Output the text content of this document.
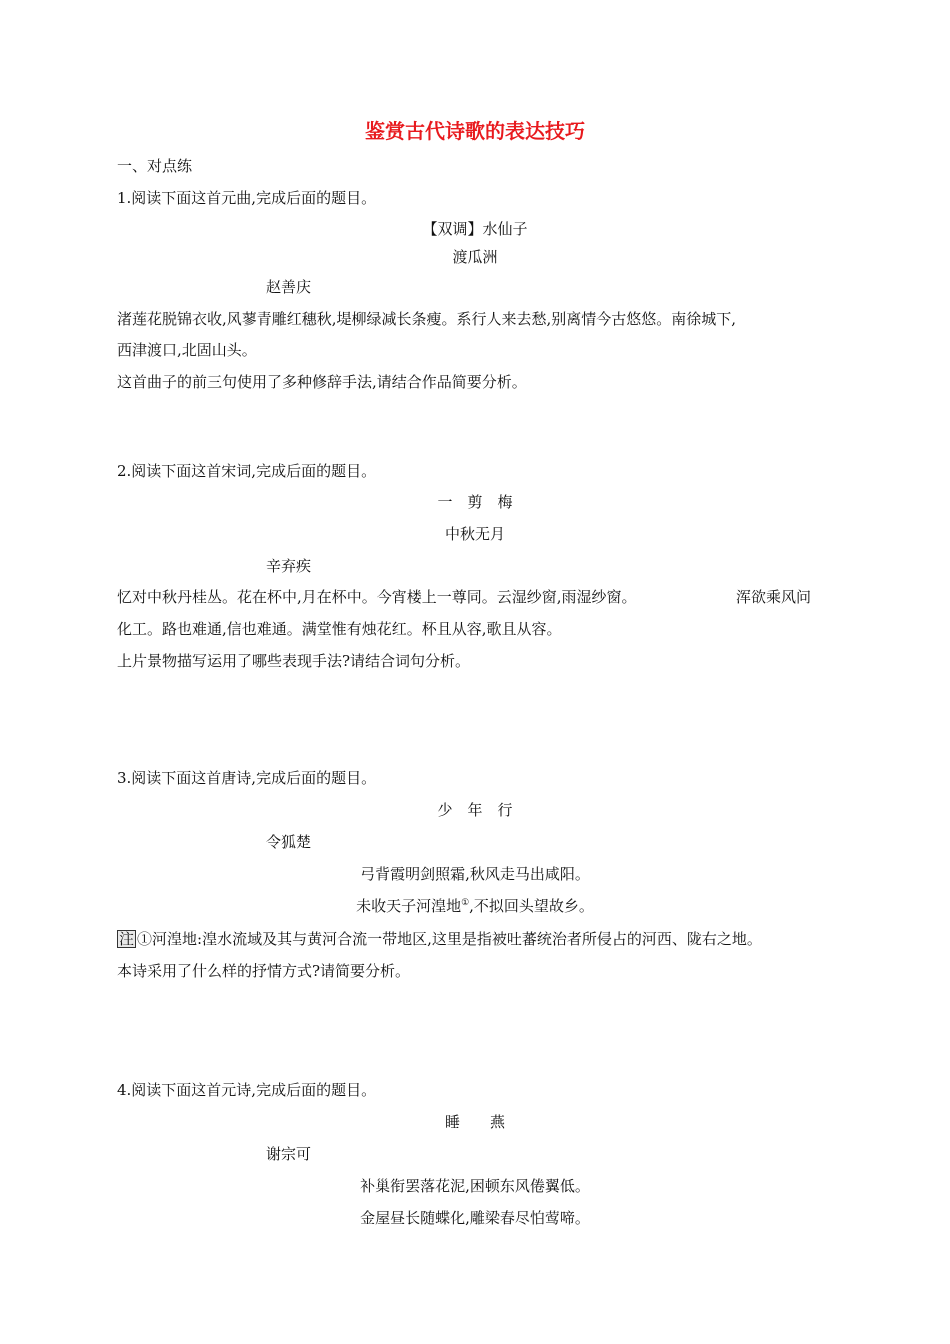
鉴赏古代诗歌的表达技巧
一、对点练
1.阅读下面这首元曲,完成后面的题目。
【双调】水仙子
渡瓜洲
赵善庆
渚莲花脱锦衣收,风蓼青雕红穗秋,堤柳绿减长条瘦。系行人来去愁,别离情今古悠悠。南徐城下,
西津渡口,北固山头。
这首曲子的前三句使用了多种修辞手法,请结合作品简要分析。
2.阅读下面这首宋词,完成后面的题目。
一　剪　梅
中秋无月
辛弃疾
忆对中秋丹桂丛。花在杯中,月在杯中。今宵楼上一尊同。云湿纱窗,雨湿纱窗。	浑欲乘风问
化工。路也难通,信也难通。满堂惟有烛花红。杯且从容,歌且从容。
上片景物描写运用了哪些表现手法?请结合词句分析。
3.阅读下面这首唐诗,完成后面的题目。
少　年　行
令狐楚
弓背霞明剑照霜,秋风走马出咸阳。
未收天子河湟地①,不拟回头望故乡。
注 ①河湟地:湟水流域及其与黄河合流一带地区,这里是指被吐蕃统治者所侵占的河西、陇右之地。
本诗采用了什么样的抒情方式?请简要分析。
4.阅读下面这首元诗,完成后面的题目。
睡　　燕
谢宗可
补巢衔罢落花泥,困顿东风倦翼低。
金屋昼长随蝶化,雕梁春尽怕莺啼。
